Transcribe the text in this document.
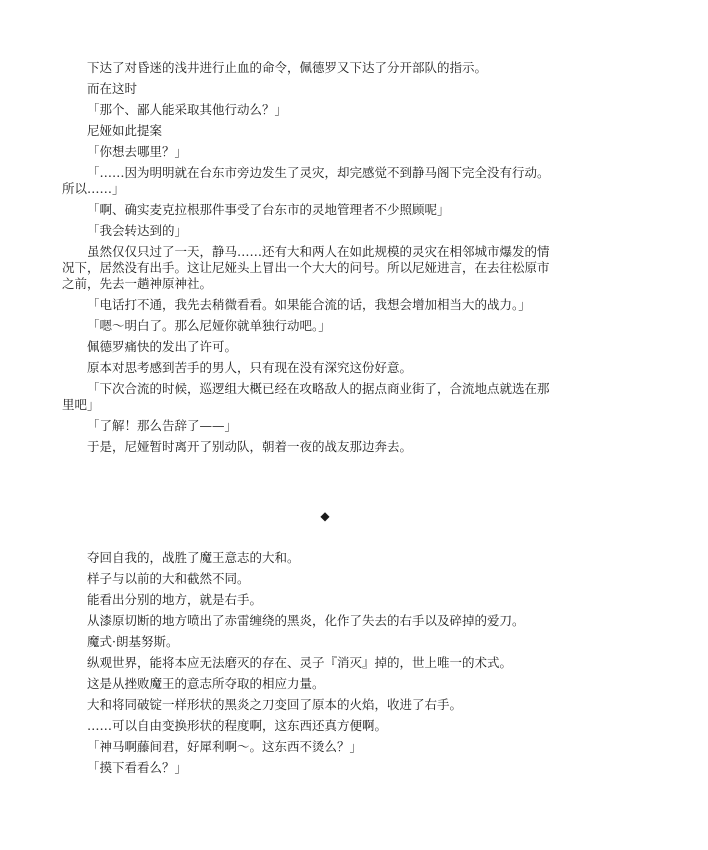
下达了对昏迷的浅井进行止血的命令，佩德罗又下达了分开部队的指示。

而在这时

「那个、鄙人能采取其他行动么？」

尼娅如此提案

「你想去哪里？」

「……因为明明就在台东市旁边发生了灵灾，却完感觉不到静马阁下完全没有行动。所以……」

「啊、确实麦克拉根那件事受了台东市的灵地管理者不少照顾呢」

「我会转达到的」

虽然仅仅只过了一天，静马……还有大和两人在如此规模的灵灾在相邻城市爆发的情况下，居然没有出手。这让尼娅头上冒出一个大大的问号。所以尼娅进言，在去往松原市之前，先去一趟神原神社。

「电话打不通，我先去稍微看看。如果能合流的话，我想会增加相当大的战力。」

「嗯～明白了。那么尼娅你就单独行动吧。」

佩德罗痛快的发出了许可。

原本对思考感到苦手的男人，只有现在没有深究这份好意。

「下次合流的时候，巡逻组大概已经在攻略敌人的据点商业街了，合流地点就选在那里吧」

「了解！那么告辞了——」

于是，尼娅暂时离开了别动队，朝着一夜的战友那边奔去。

◆

夺回自我的，战胜了魔王意志的大和。

样子与以前的大和截然不同。

能看出分别的地方，就是右手。

从漆原切断的地方喷出了赤雷缠绕的黑炎，化作了失去的右手以及碎掉的爱刀。

魔式·朗基努斯。

纵观世界，能将本应无法磨灭的存在、灵子『消灭』掉的，世上唯一的术式。

这是从挫败魔王的意志所夺取的相应力量。

大和将同破锭一样形状的黑炎之刀变回了原本的火焰，收进了右手。

……可以自由变换形状的程度啊，这东西还真方便啊。

「神马啊藤间君，好犀利啊～。这东西不烫么？」

「摸下看看么？」
